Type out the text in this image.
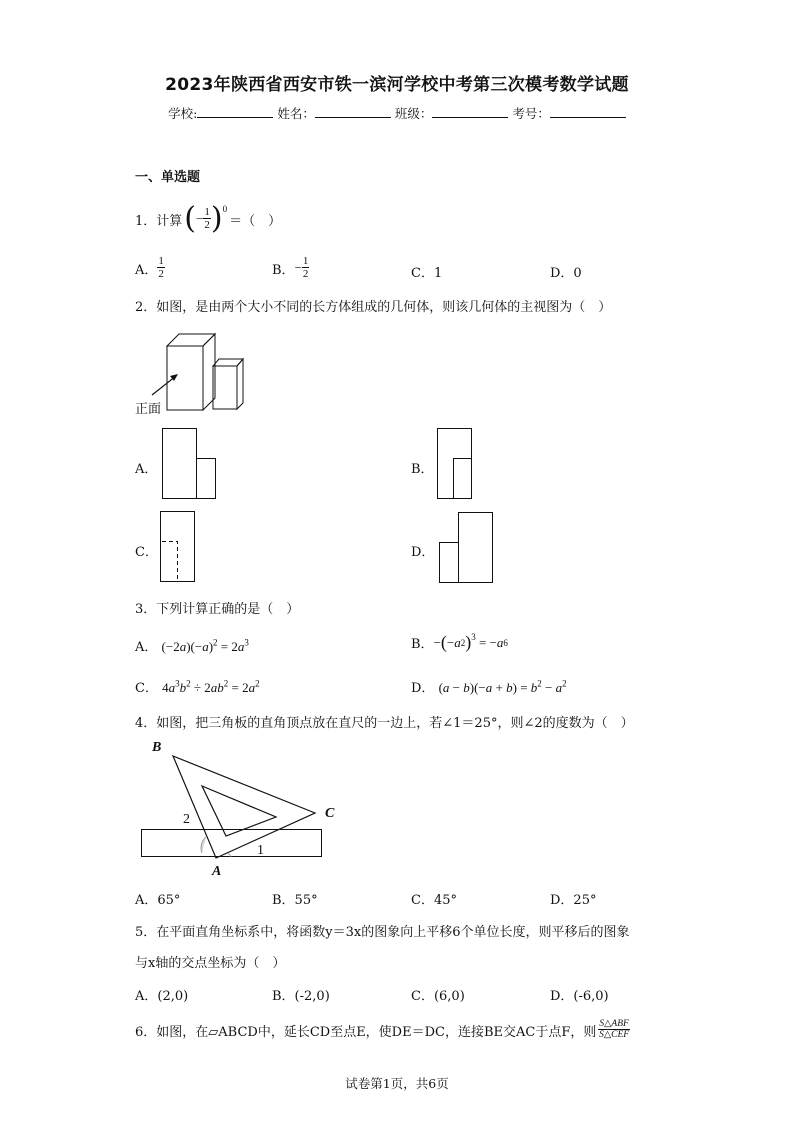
2023年陕西省西安市铁一滨河学校中考第三次模考数学试题
学校:	姓名：	班级：	考号：
一、单选题
1．计算 ( − $\frac{1}{2} )^0$
＝（　）
A． $\frac{1}{2}$	B． − $\frac{1}{2}$	C．1	D．0
2．如图，是由两个大小不同的长方体组成的几何体，则该几何体的主视图为（　）
正面
A．	B．
C．	D．
3．下列计算正确的是（　）
A． $(-2a)(-a)^2 = 2a^3$	B． − ( − a 2 )$^3$ = − a 6
C． $4a^3b^2 \div 2ab^2 = 2a^2$	D． $(a - b)(-a + b) = b^2 - a^2$
4．如图，把三角板的直角顶点放在直尺的一边上，若∠1＝25°，则∠2的度数为（　）
B
C
A
1
2
A．65°	B．55°	C．45°	D．25°
5．在平面直角坐标系中，将函数y＝3x的图象向上平移6个单位长度，则平移后的图象
与x轴的交点坐标为（　）
A．(2,0)	B．(-2,0)	C．(6,0)	D．(-6,0)
6．如图，在▱ABCD中，延长CD至点E，使DE＝DC，连接BE交AC于点F，则 $\frac{\text{S△ABF}}{\text{S△CEF}}$
试卷第1页，共6页
